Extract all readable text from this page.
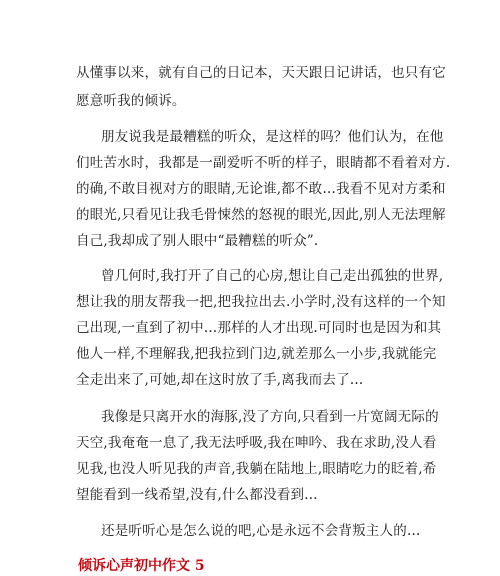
从懂事以来，就有自己的日记本，天天跟日记讲话，也只有它
愿意听我的倾诉。
朋友说我是最糟糕的听众，是这样的吗？他们认为，在他
们吐苦水时，我都是一副爱听不听的样子，眼睛都不看着对方.
的确,不敢目视对方的眼睛,无论谁,都不敢…我看不见对方柔和
的眼光,只看见让我毛骨悚然的怒视的眼光,因此,别人无法理解
自己,我却成了别人眼中“最糟糕的听众”.
曾几何时,我打开了自己的心房,想让自己走出孤独的世界,
想让我的朋友帮我一把,把我拉出去.小学时,没有这样的一个知
己出现,一直到了初中…那样的人才出现.可同时也是因为和其
他人一样,不理解我,把我拉到门边,就差那么一小步,我就能完
全走出来了,可她,却在这时放了手,离我而去了…
我像是只离开水的海豚,没了方向,只看到一片宽阔无际的
天空,我奄奄一息了,我无法呼吸,我在呻吟、我在求助,没人看
见我,也没人听见我的声音,我躺在陆地上,眼睛吃力的眨着,希
望能看到一线希望,没有,什么都没看到…
还是听听心是怎么说的吧,心是永远不会背叛主人的…
倾诉心声初中作文 5
